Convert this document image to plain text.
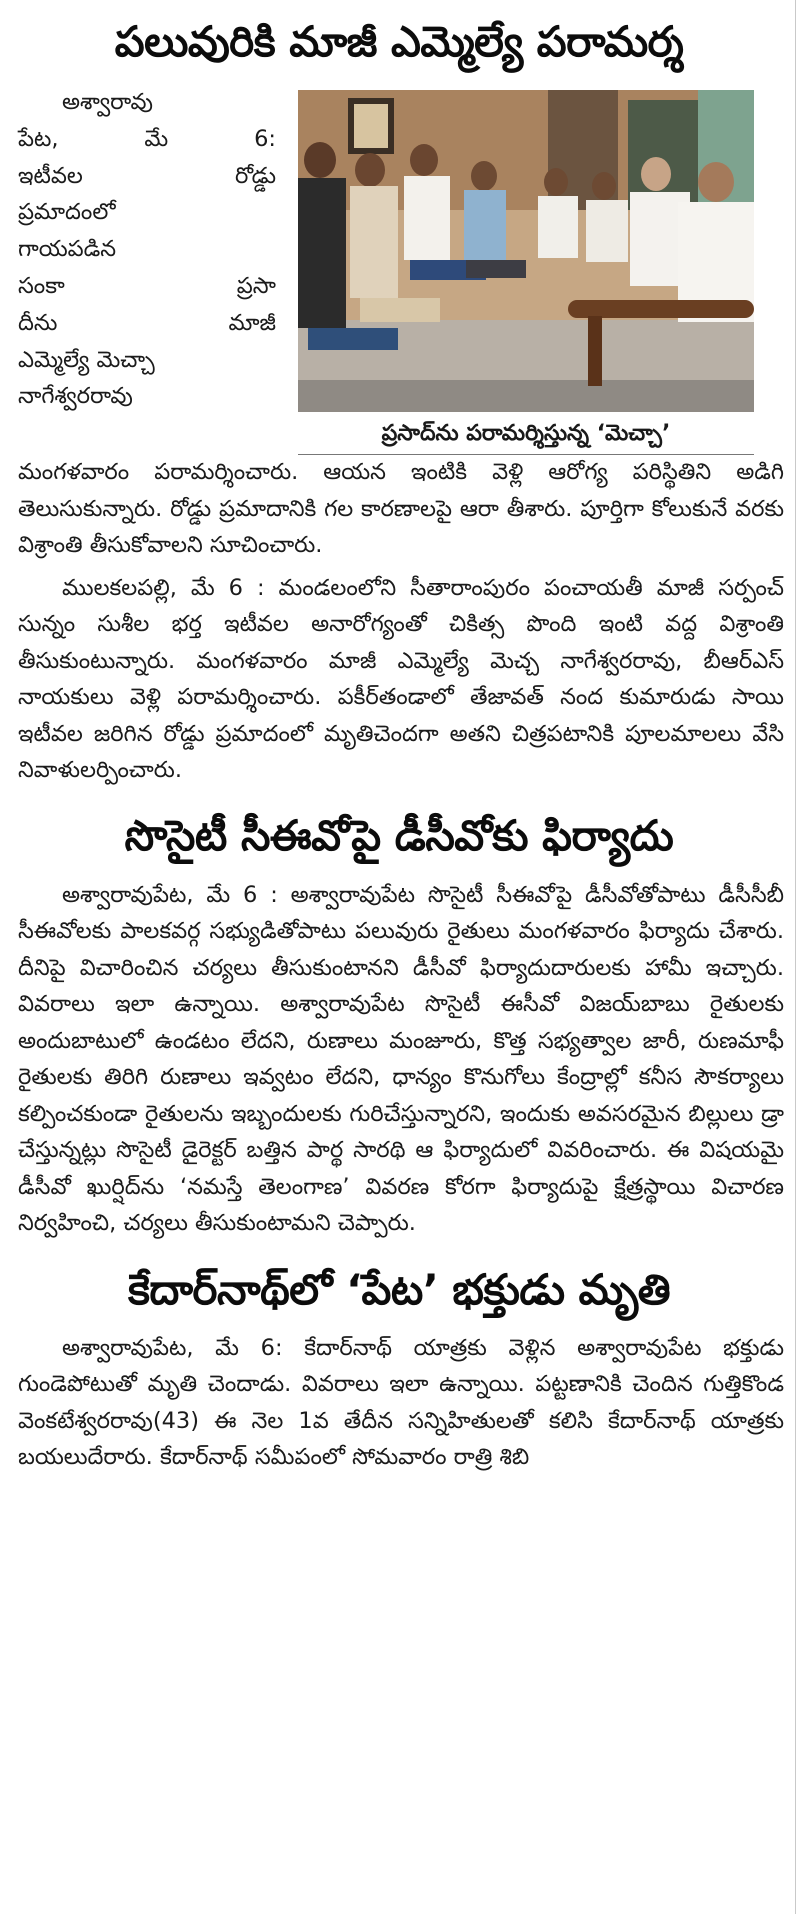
పలువురికి మాజీ ఎమ్మెల్యే పరామర్శ

అశ్వారావు

పేట, మే 6:

ఇటీవల రోడ్డు

ప్రమాదంలో

గాయపడిన

సంకా ప్రసా

దీను మాజీ

ఎమ్మెల్యే మెచ్చా

నాగేశ్వరరావు

ప్రసాద్‌ను పరామర్శిస్తున్న ‘మెచ్చా’

మంగళవారం పరామర్శించారు. ఆయన ఇంటికి వెళ్లి ఆరోగ్య పరిస్థితిని అడిగి తెలుసుకున్నారు. రోడ్డు ప్రమాదానికి గల కారణాలపై ఆరా తీశారు. పూర్తిగా కోలుకునే వరకు విశ్రాంతి తీసుకోవాలని సూచించారు.

ములకలపల్లి, మే 6 : మండలంలోని సీతారాంపురం పంచాయతీ మాజీ సర్పంచ్ సున్నం సుశీల భర్త ఇటీవల అనారోగ్యంతో చికిత్స పొంది ఇంటి వద్ద విశ్రాంతి తీసుకుంటున్నారు. మంగళవారం మాజీ ఎమ్మెల్యే మెచ్చ నాగేశ్వరరావు, బీఆర్ఎస్ నాయకులు వెళ్లి పరామర్శించారు. పకీర్‌తండాలో తేజావత్ నంద కుమారుడు సాయి ఇటీవల జరిగిన రోడ్డు ప్రమాదంలో మృతిచెందగా అతని చిత్రపటానికి పూలమాలలు వేసి నివాళులర్పించారు.

సొసైటీ సీఈవోపై డీసీవోకు ఫిర్యాదు

అశ్వారావుపేట, మే 6 : అశ్వారావుపేట సొసైటీ సీఈవోపై డీసీవోతోపాటు డీసీసీబీ సీఈవోలకు పాలకవర్గ సభ్యుడితోపాటు పలువురు రైతులు మంగళవారం ఫిర్యాదు చేశారు. దీనిపై విచారించిన చర్యలు తీసుకుంటానని డీసీవో ఫిర్యాదుదారులకు హామీ ఇచ్చారు. వివరాలు ఇలా ఉన్నాయి. అశ్వారావుపేట సొసైటీ ఈసీవో విజయ్‌బాబు రైతులకు అందుబాటులో ఉండటం లేదని, రుణాలు మంజూరు, కొత్త సభ్యత్వాల జారీ, రుణమాఫీ రైతులకు తిరిగి రుణాలు ఇవ్వటం లేదని, ధాన్యం కొనుగోలు కేంద్రాల్లో కనీస సౌకర్యాలు కల్పించకుండా రైతులను ఇబ్బందులకు గురిచేస్తున్నారని, ఇందుకు అవసరమైన బిల్లులు డ్రా చేస్తున్నట్లు సొసైటీ డైరెక్టర్ బత్తిన పార్థ సారథి ఆ ఫిర్యాదులో వివరించారు. ఈ విషయమై డీసీవో ఖుర్షిద్‌ను ‘నమస్తే తెలంగాణ’ వివరణ కోరగా ఫిర్యాదుపై క్షేత్రస్థాయి విచారణ నిర్వహించి, చర్యలు తీసుకుంటామని చెప్పారు.

కేదార్‌నాథ్‌లో ‘పేట’ భక్తుడు మృతి

అశ్వారావుపేట, మే 6: కేదార్‌నాథ్ యాత్రకు వెళ్లిన అశ్వారావుపేట భక్తుడు గుండెపోటుతో మృతి చెందాడు. వివరాలు ఇలా ఉన్నాయి. పట్టణానికి చెందిన గుత్తికొండ వెంకటేశ్వరరావు(43) ఈ నెల 1వ తేదీన సన్నిహితులతో కలిసి కేదార్‌నాథ్ యాత్రకు బయలుదేరారు. కేదార్‌నాథ్ సమీపంలో సోమవారం రాత్రి శిబి
